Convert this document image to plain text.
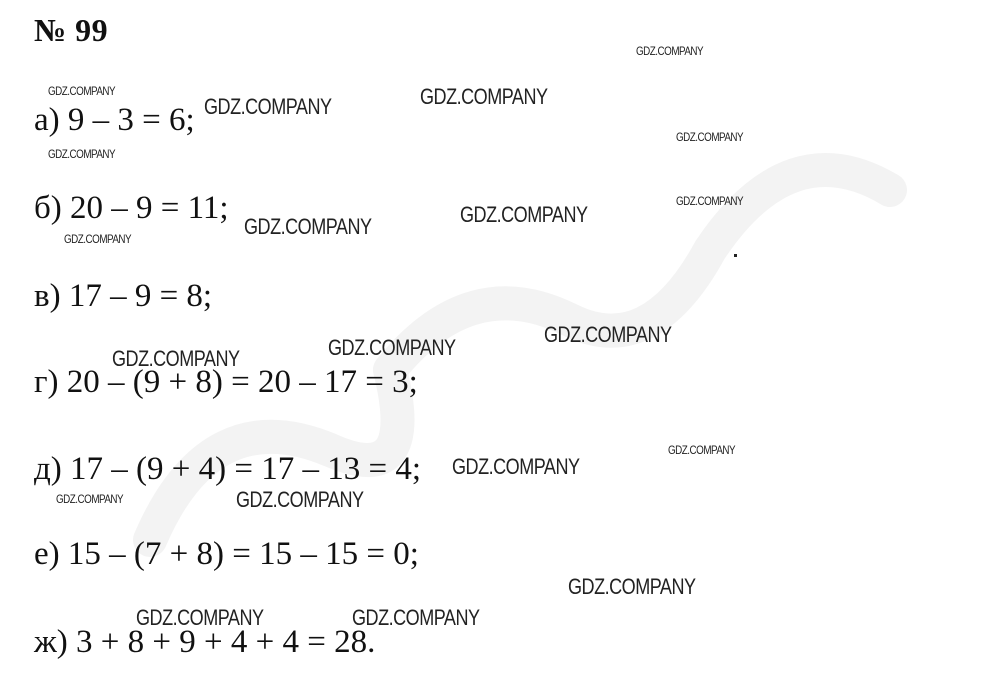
№ 99
а) 9 – 3 = 6;
б) 20 – 9 = 11;
в) 17 – 9 = 8;
г) 20 – (9 + 8) = 20 – 17 = 3;
д) 17 – (9 + 4) = 17 – 13 = 4;
е) 15 – (7 + 8) = 15 – 15 = 0;
ж) 3 + 8 + 9 + 4 + 4 = 28.
GDZ.COMPANY
GDZ.COMPANY
GDZ.COMPANY	GDZ.COMPANY
GDZ.COMPANY
GDZ.COMPANY
GDZ.COMPANY
GDZ.COMPANY
GDZ.COMPANY
GDZ.COMPANY
GDZ.COMPANY
GDZ.COMPANY
GDZ.COMPANY
GDZ.COMPANY
GDZ.COMPANY
GDZ.COMPANY
GDZ.COMPANY
GDZ.COMPANY
GDZ.COMPANY	GDZ.COMPANY
